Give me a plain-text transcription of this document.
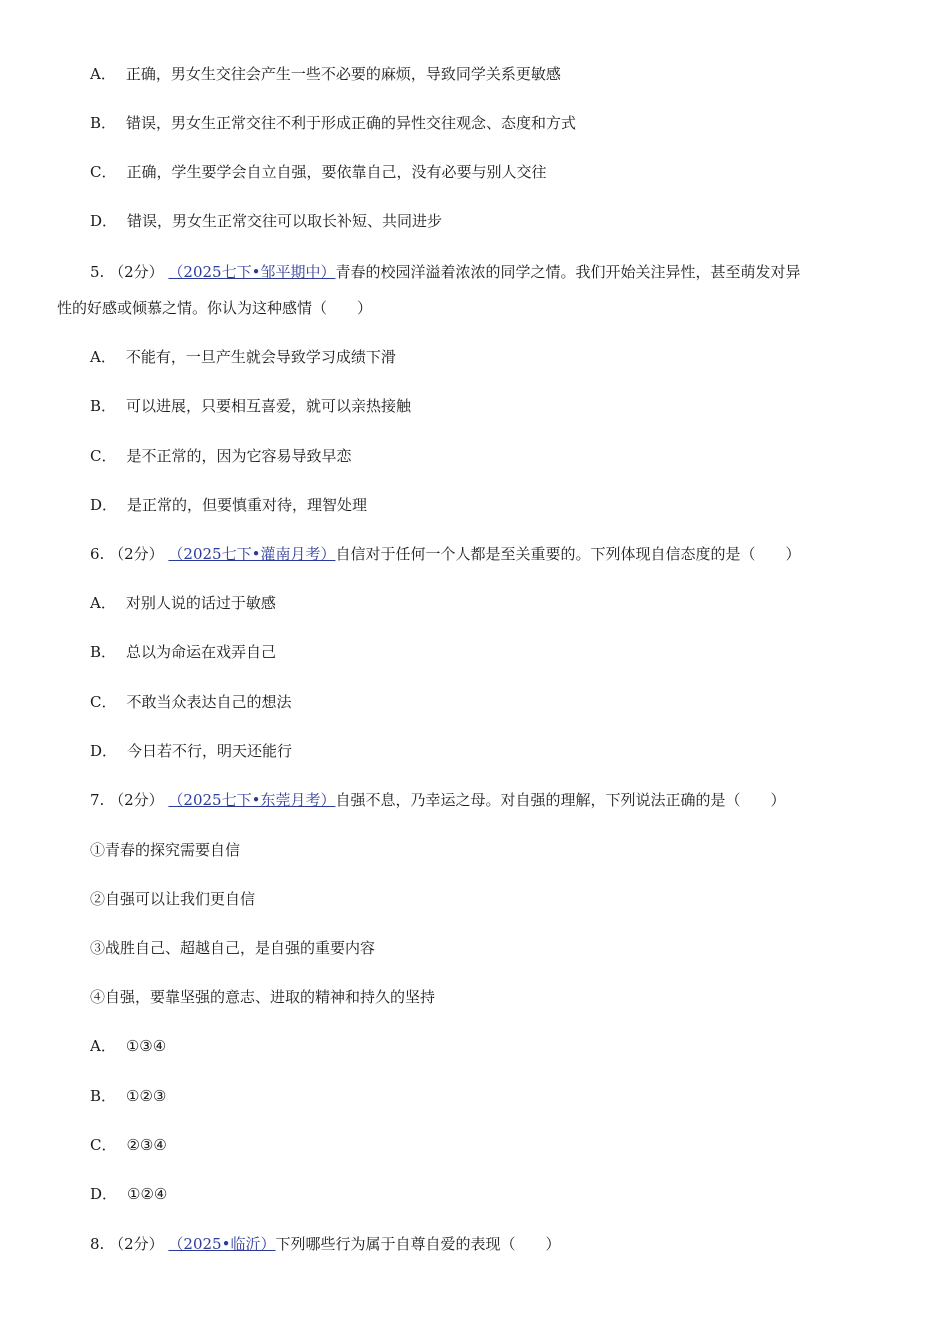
A． 正确，男女生交往会产生一些不必要的麻烦，导致同学关系更敏感
B． 错误，男女生正常交往不利于形成正确的异性交往观念、态度和方式
C． 正确，学生要学会自立自强，要依靠自己，没有必要与别人交往
D． 错误，男女生正常交往可以取长补短、共同进步
5. （2分） （2025七下•邹平期中）青春的校园洋溢着浓浓的同学之情。我们开始关注异性，甚至萌发对异
性的好感或倾慕之情。你认为这种感情（　　）
A． 不能有，一旦产生就会导致学习成绩下滑
B． 可以进展，只要相互喜爱，就可以亲热接触
C． 是不正常的，因为它容易导致早恋
D． 是正常的，但要慎重对待，理智处理
6. （2分） （2025七下•灌南月考）自信对于任何一个人都是至关重要的。下列体现自信态度的是（　　）
A． 对别人说的话过于敏感
B． 总以为命运在戏弄自己
C． 不敢当众表达自己的想法
D． 今日若不行，明天还能行
7. （2分） （2025七下•东莞月考）自强不息，乃幸运之母。对自强的理解，下列说法正确的是（　　）
①青春的探究需要自信
②自强可以让我们更自信
③战胜自己、超越自己，是自强的重要内容
④自强，要靠坚强的意志、进取的精神和持久的坚持
A． ①③④
B． ①②③
C． ②③④
D． ①②④
8. （2分） （2025•临沂）下列哪些行为属于自尊自爱的表现（　　）
